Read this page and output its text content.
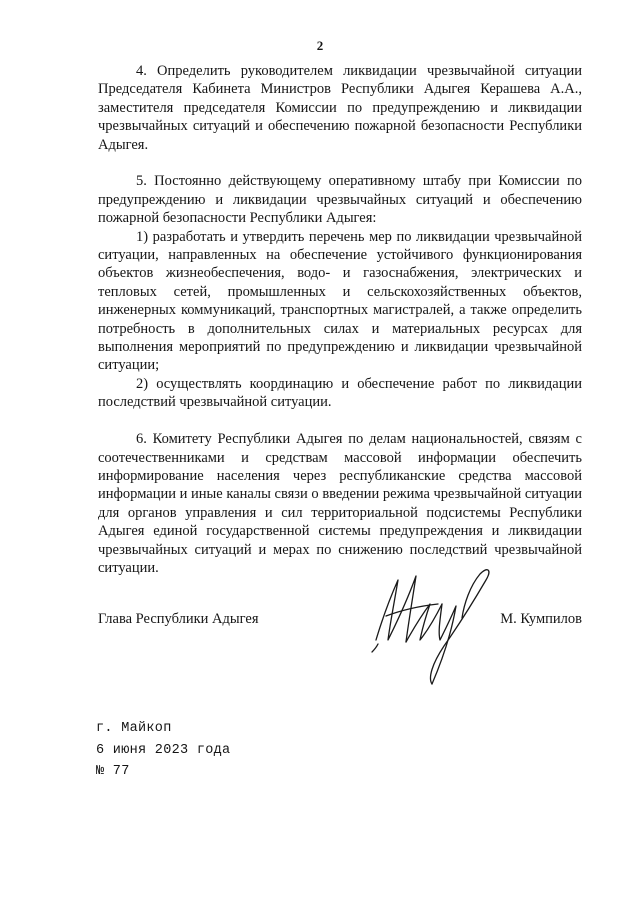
2

4. Определить руководителем ликвидации чрезвычайной ситуации Председателя Кабинета Министров Республики Адыгея Керашева А.А., заместителя председателя Комиссии по предупреждению и ликвидации чрезвычайных ситуаций и обеспечению пожарной безопасности Республики Адыгея.

5. Постоянно действующему оперативному штабу при Комиссии по предупреждению и ликвидации чрезвычайных ситуаций и обеспечению пожарной безопасности Республики Адыгея:

1) разработать и утвердить перечень мер по ликвидации чрезвычайной ситуации, направленных на обеспечение устойчивого функционирования объектов жизнеобеспечения, водо- и газоснабжения, электрических и тепловых сетей, промышленных и сельскохозяйственных объектов, инженерных коммуникаций, транспортных магистралей, а также определить потребность в дополнительных силах и материальных ресурсах для выполнения мероприятий по предупреждению и ликвидации чрезвычайной ситуации;

2) осуществлять координацию и обеспечение работ по ликвидации последствий чрезвычайной ситуации.

6. Комитету Республики Адыгея по делам национальностей, связям с соотечественниками и средствам массовой информации обеспечить информирование населения через республиканские средства массовой информации и иные каналы связи о введении режима чрезвычайной ситуации для органов управления и сил территориальной подсистемы Республики Адыгея единой государственной системы предупреждения и ликвидации чрезвычайных ситуаций и мерах по снижению последствий чрезвычайной ситуации.

Глава Республики Адыгея	М. Кумпилов
г. Майкоп
6 июня 2023 года
№ 77
